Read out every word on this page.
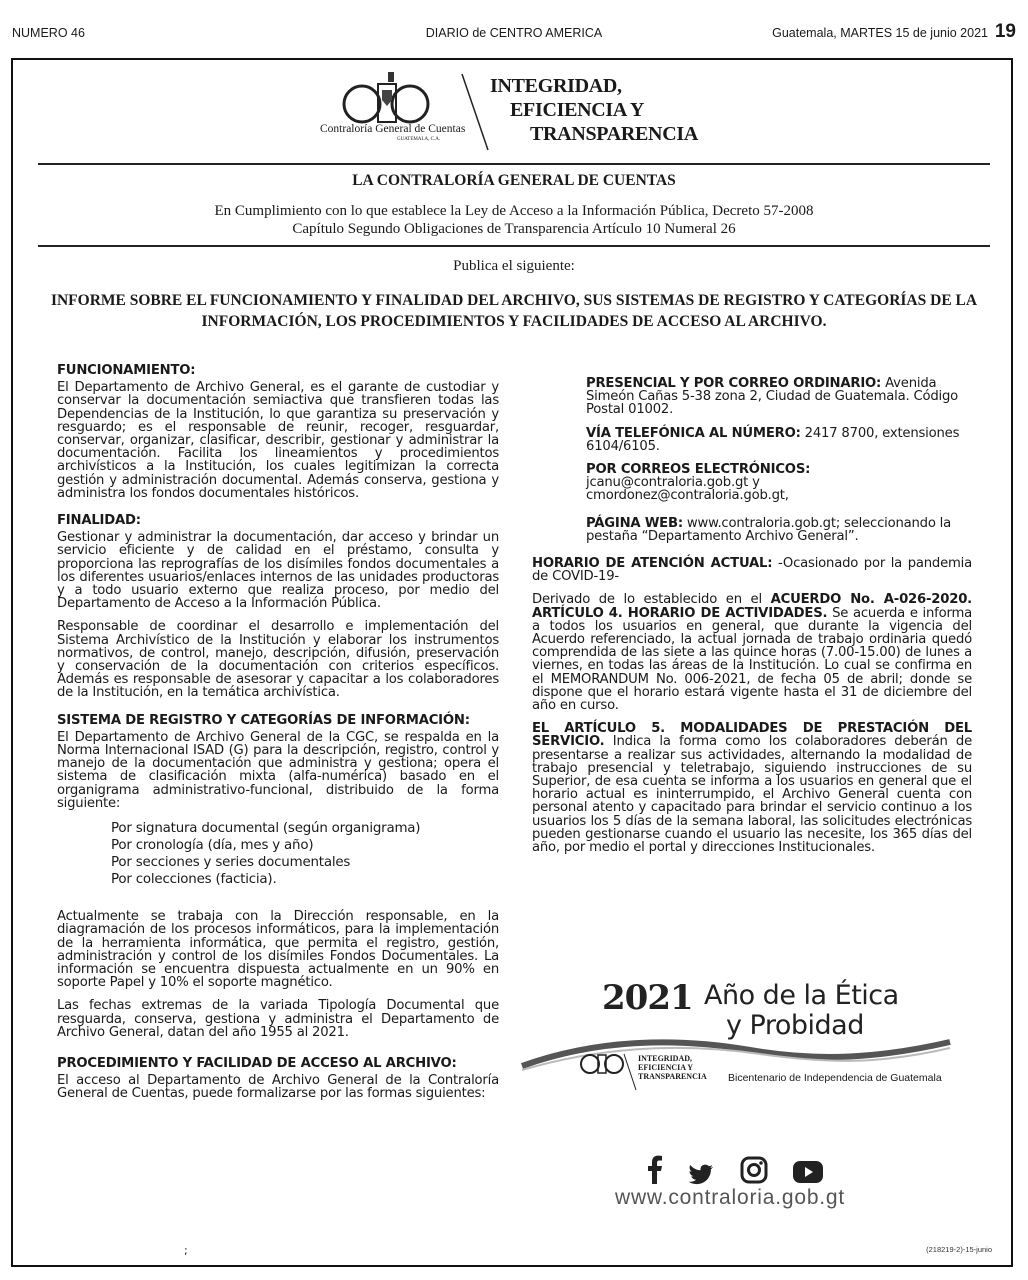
NUMERO 46	DIARIO de CENTRO AMERICA	Guatemala, MARTES 15 de junio 2021 19
Contraloría General de Cuentas
GUATEMALA, C.A.
INTEGRIDAD,
EFICIENCIA Y
TRANSPARENCIA
LA CONTRALORÍA GENERAL DE CUENTAS
En Cumplimiento con lo que establece la Ley de Acceso a la Información Pública, Decreto 57-2008
Capítulo Segundo Obligaciones de Transparencia Artículo 10 Numeral 26
Publica el siguiente:
INFORME SOBRE EL FUNCIONAMIENTO Y FINALIDAD DEL ARCHIVO, SUS SISTEMAS DE REGISTRO Y CATEGORÍAS DE LA INFORMACIÓN, LOS PROCEDIMIENTOS Y FACILIDADES DE ACCESO AL ARCHIVO.
FUNCIONAMIENTO:

El Departamento de Archivo General, es el garante de custodiar y conservar la documentación semiactiva que transfieren todas las Dependencias de la Institución, lo que garantiza su preservación y resguardo; es el responsable de reunir, recoger, resguardar, conservar, organizar, clasificar, describir, gestionar y administrar la documentación. Facilita los lineamientos y procedimientos archivísticos a la Institución, los cuales legitimizan la correcta gestión y administración documental. Además conserva, gestiona y administra los fondos documentales históricos.

FINALIDAD:

Gestionar y administrar la documentación, dar acceso y brindar un servicio eficiente y de calidad en el préstamo, consulta y proporciona las reprografías de los disímiles fondos documentales a los diferentes usuarios/enlaces internos de las unidades productoras y a todo usuario externo que realiza proceso, por medio del Departamento de Acceso a la Información Pública.

Responsable de coordinar el desarrollo e implementación del Sistema Archivístico de la Institución y elaborar los instrumentos normativos, de control, manejo, descripción, difusión, preservación y conservación de la documentación con criterios específicos. Además es responsable de asesorar y capacitar a los colaboradores de la Institución, en la temática archivística.

SISTEMA DE REGISTRO Y CATEGORÍAS DE INFORMACIÓN:

El Departamento de Archivo General de la CGC, se respalda en la Norma Internacional ISAD (G) para la descripción, registro, control y manejo de la documentación que administra y gestiona; opera el sistema de clasificación mixta (alfa-numérica) basado en el organigrama administrativo-funcional, distribuido de la forma siguiente:

Por signatura documental (según organigrama)
Por cronología (día, mes y año)
Por secciones y series documentales
Por colecciones (facticia).

Actualmente se trabaja con la Dirección responsable, en la diagramación de los procesos informáticos, para la implementación de la herramienta informática, que permita el registro, gestión, administración y control de los disímiles Fondos Documentales. La información se encuentra dispuesta actualmente en un 90% en soporte Papel y 10% el soporte magnético.

Las fechas extremas de la variada Tipología Documental que resguarda, conserva, gestiona y administra el Departamento de Archivo General, datan del año 1955 al 2021.

PROCEDIMIENTO Y FACILIDAD DE ACCESO AL ARCHIVO:

El acceso al Departamento de Archivo General de la Contraloría General de Cuentas, puede formalizarse por las formas siguientes:

;

PRESENCIAL Y POR CORREO ORDINARIO: Avenida Simeón Cañas 5-38 zona 2, Ciudad de Guatemala. Código Postal 01002.

VÍA TELEFÓNICA AL NÚMERO: 2417 8700, extensiones 6104/6105.

POR CORREOS ELECTRÓNICOS:
jcanu@contraloria.gob.gt y
cmordonez@contraloria.gob.gt,

PÁGINA WEB: www.contraloria.gob.gt; seleccionando la pestaña “Departamento Archivo General”.

HORARIO DE ATENCIÓN ACTUAL: -Ocasionado por la pandemia de COVID-19-

Derivado de lo establecido en el ACUERDO No. A-026-2020. ARTÍCULO 4. HORARIO DE ACTIVIDADES. Se acuerda e informa a todos los usuarios en general, que durante la vigencia del Acuerdo referenciado, la actual jornada de trabajo ordinaria quedó comprendida de las siete a las quince horas (7.00-15.00) de lunes a viernes, en todas las áreas de la Institución. Lo cual se confirma en el MEMORANDUM No. 006-2021, de fecha 05 de abril; donde se dispone que el horario estará vigente hasta el 31 de diciembre del año en curso.

EL ARTÍCULO 5. MODALIDADES DE PRESTACIÓN DEL SERVICIO. Indica la forma como los colaboradores deberán de presentarse a realizar sus actividades, alternando la modalidad de trabajo presencial y teletrabajo, siguiendo instrucciones de su Superior, de esa cuenta se informa a los usuarios en general que el horario actual es ininterrumpido, el Archivo General cuenta con personal atento y capacitado para brindar el servicio continuo a los usuarios los 5 días de la semana laboral, las solicitudes electrónicas pueden gestionarse cuando el usuario las necesite, los 365 días del año, por medio el portal y direcciones Institucionales.

2021 Año de la Ética
y Probidad
INTEGRIDAD,
EFICIENCIA Y
TRANSPARENCIA Bicentenario de Independencia de Guatemala
www.contraloria.gob.gt
(218219-2)-15-junio
